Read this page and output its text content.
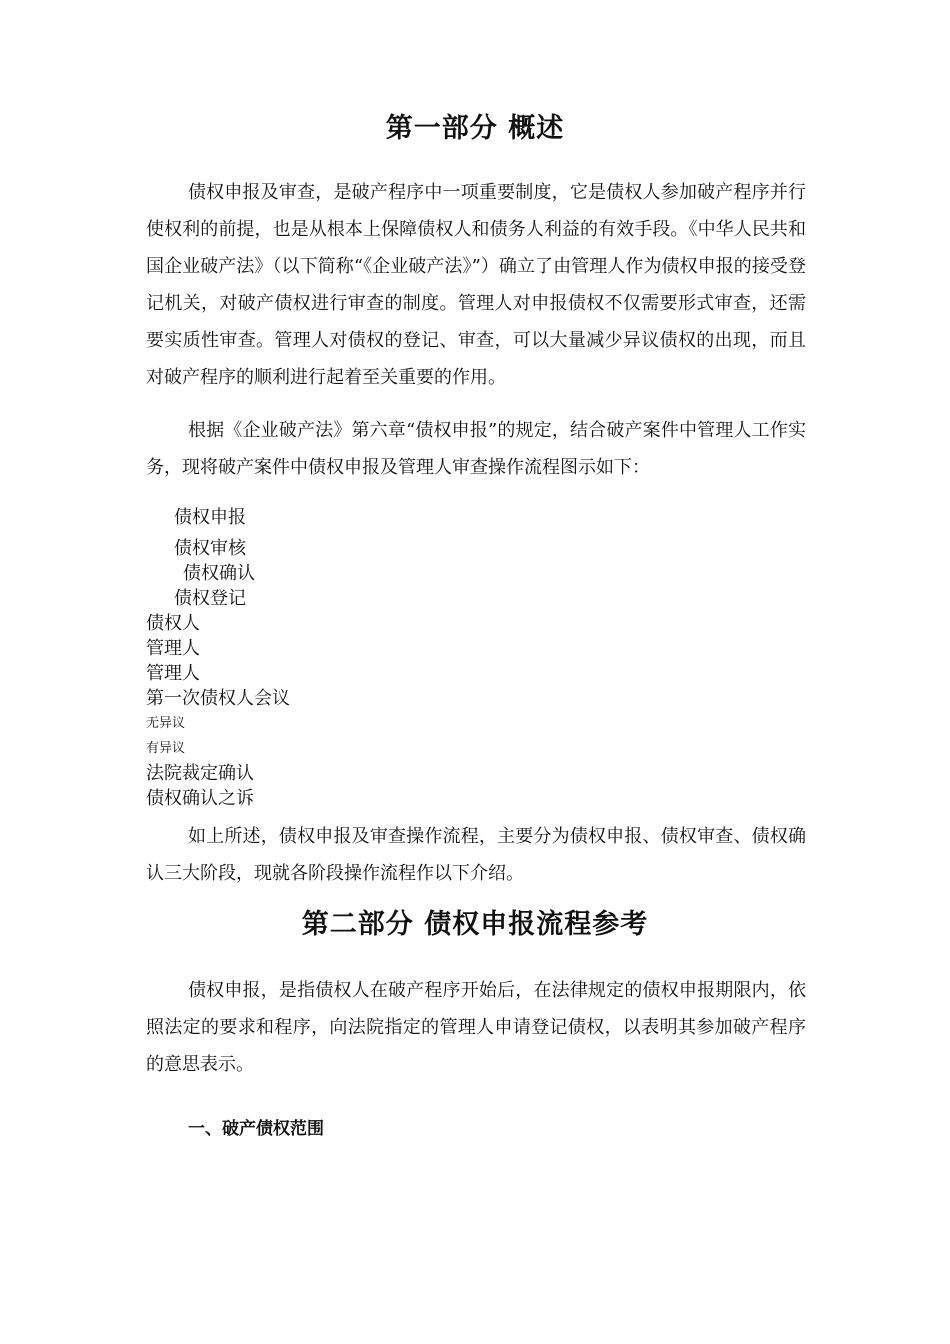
第一部分 概述

债权申报及审查，是破产程序中一项重要制度，它是债权人参加破产程序并行使权利的前提，也是从根本上保障债权人和债务人利益的有效手段。《中华人民共和国企业破产法》（以下简称“《企业破产法》”）确立了由管理人作为债权申报的接受登记机关，对破产债权进行审查的制度。管理人对申报债权不仅需要形式审查，还需要实质性审查。管理人对债权的登记、审查，可以大量减少异议债权的出现，而且对破产程序的顺利进行起着至关重要的作用。

根据《企业破产法》第六章“债权申报”的规定，结合破产案件中管理人工作实务，现将破产案件中债权申报及管理人审查操作流程图示如下：

债权申报
债权审核
债权确认
债权登记
债权人
管理人
管理人
第一次债权人会议
无异议
有异议
法院裁定确认
债权确认之诉

如上所述，债权申报及审查操作流程，主要分为债权申报、债权审查、债权确认三大阶段，现就各阶段操作流程作以下介绍。

第二部分 债权申报流程参考

债权申报，是指债权人在破产程序开始后，在法律规定的债权申报期限内，依照法定的要求和程序，向法院指定的管理人申请登记债权，以表明其参加破产程序的意思表示。

一、破产债权范围
